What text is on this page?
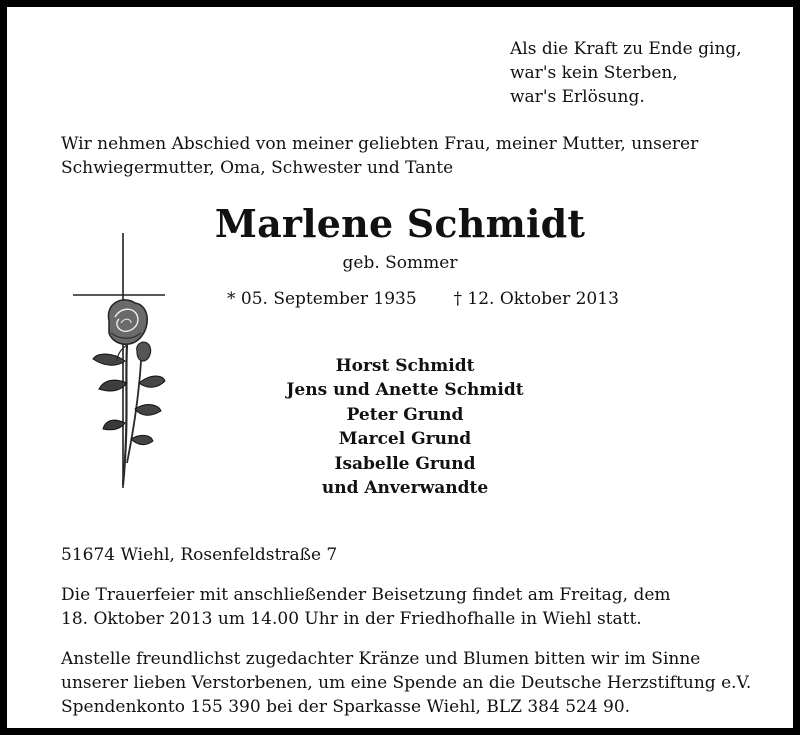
Als die Kraft zu Ende ging,
war's kein Sterben,
war's Erlösung.
Wir nehmen Abschied von meiner geliebten Frau, meiner Mutter, unserer
Schwiegermutter, Oma, Schwester und Tante
Marlene Schmidt
geb. Sommer
* 05. September 1935 † 12. Oktober 2013
Horst Schmidt
Jens und Anette Schmidt
Peter Grund
Marcel Grund
Isabelle Grund
und Anverwandte
51674 Wiehl, Rosenfeldstraße 7
Die Trauerfeier mit anschließender Beisetzung findet am Freitag, dem
18. Oktober 2013 um 14.00 Uhr in der Friedhofhalle in Wiehl statt.
Anstelle freundlichst zugedachter Kränze und Blumen bitten wir im Sinne
unserer lieben Verstorbenen, um eine Spende an die Deutsche Herzstiftung e.V.
Spendenkonto 155 390 bei der Sparkasse Wiehl, BLZ 384 524 90.
